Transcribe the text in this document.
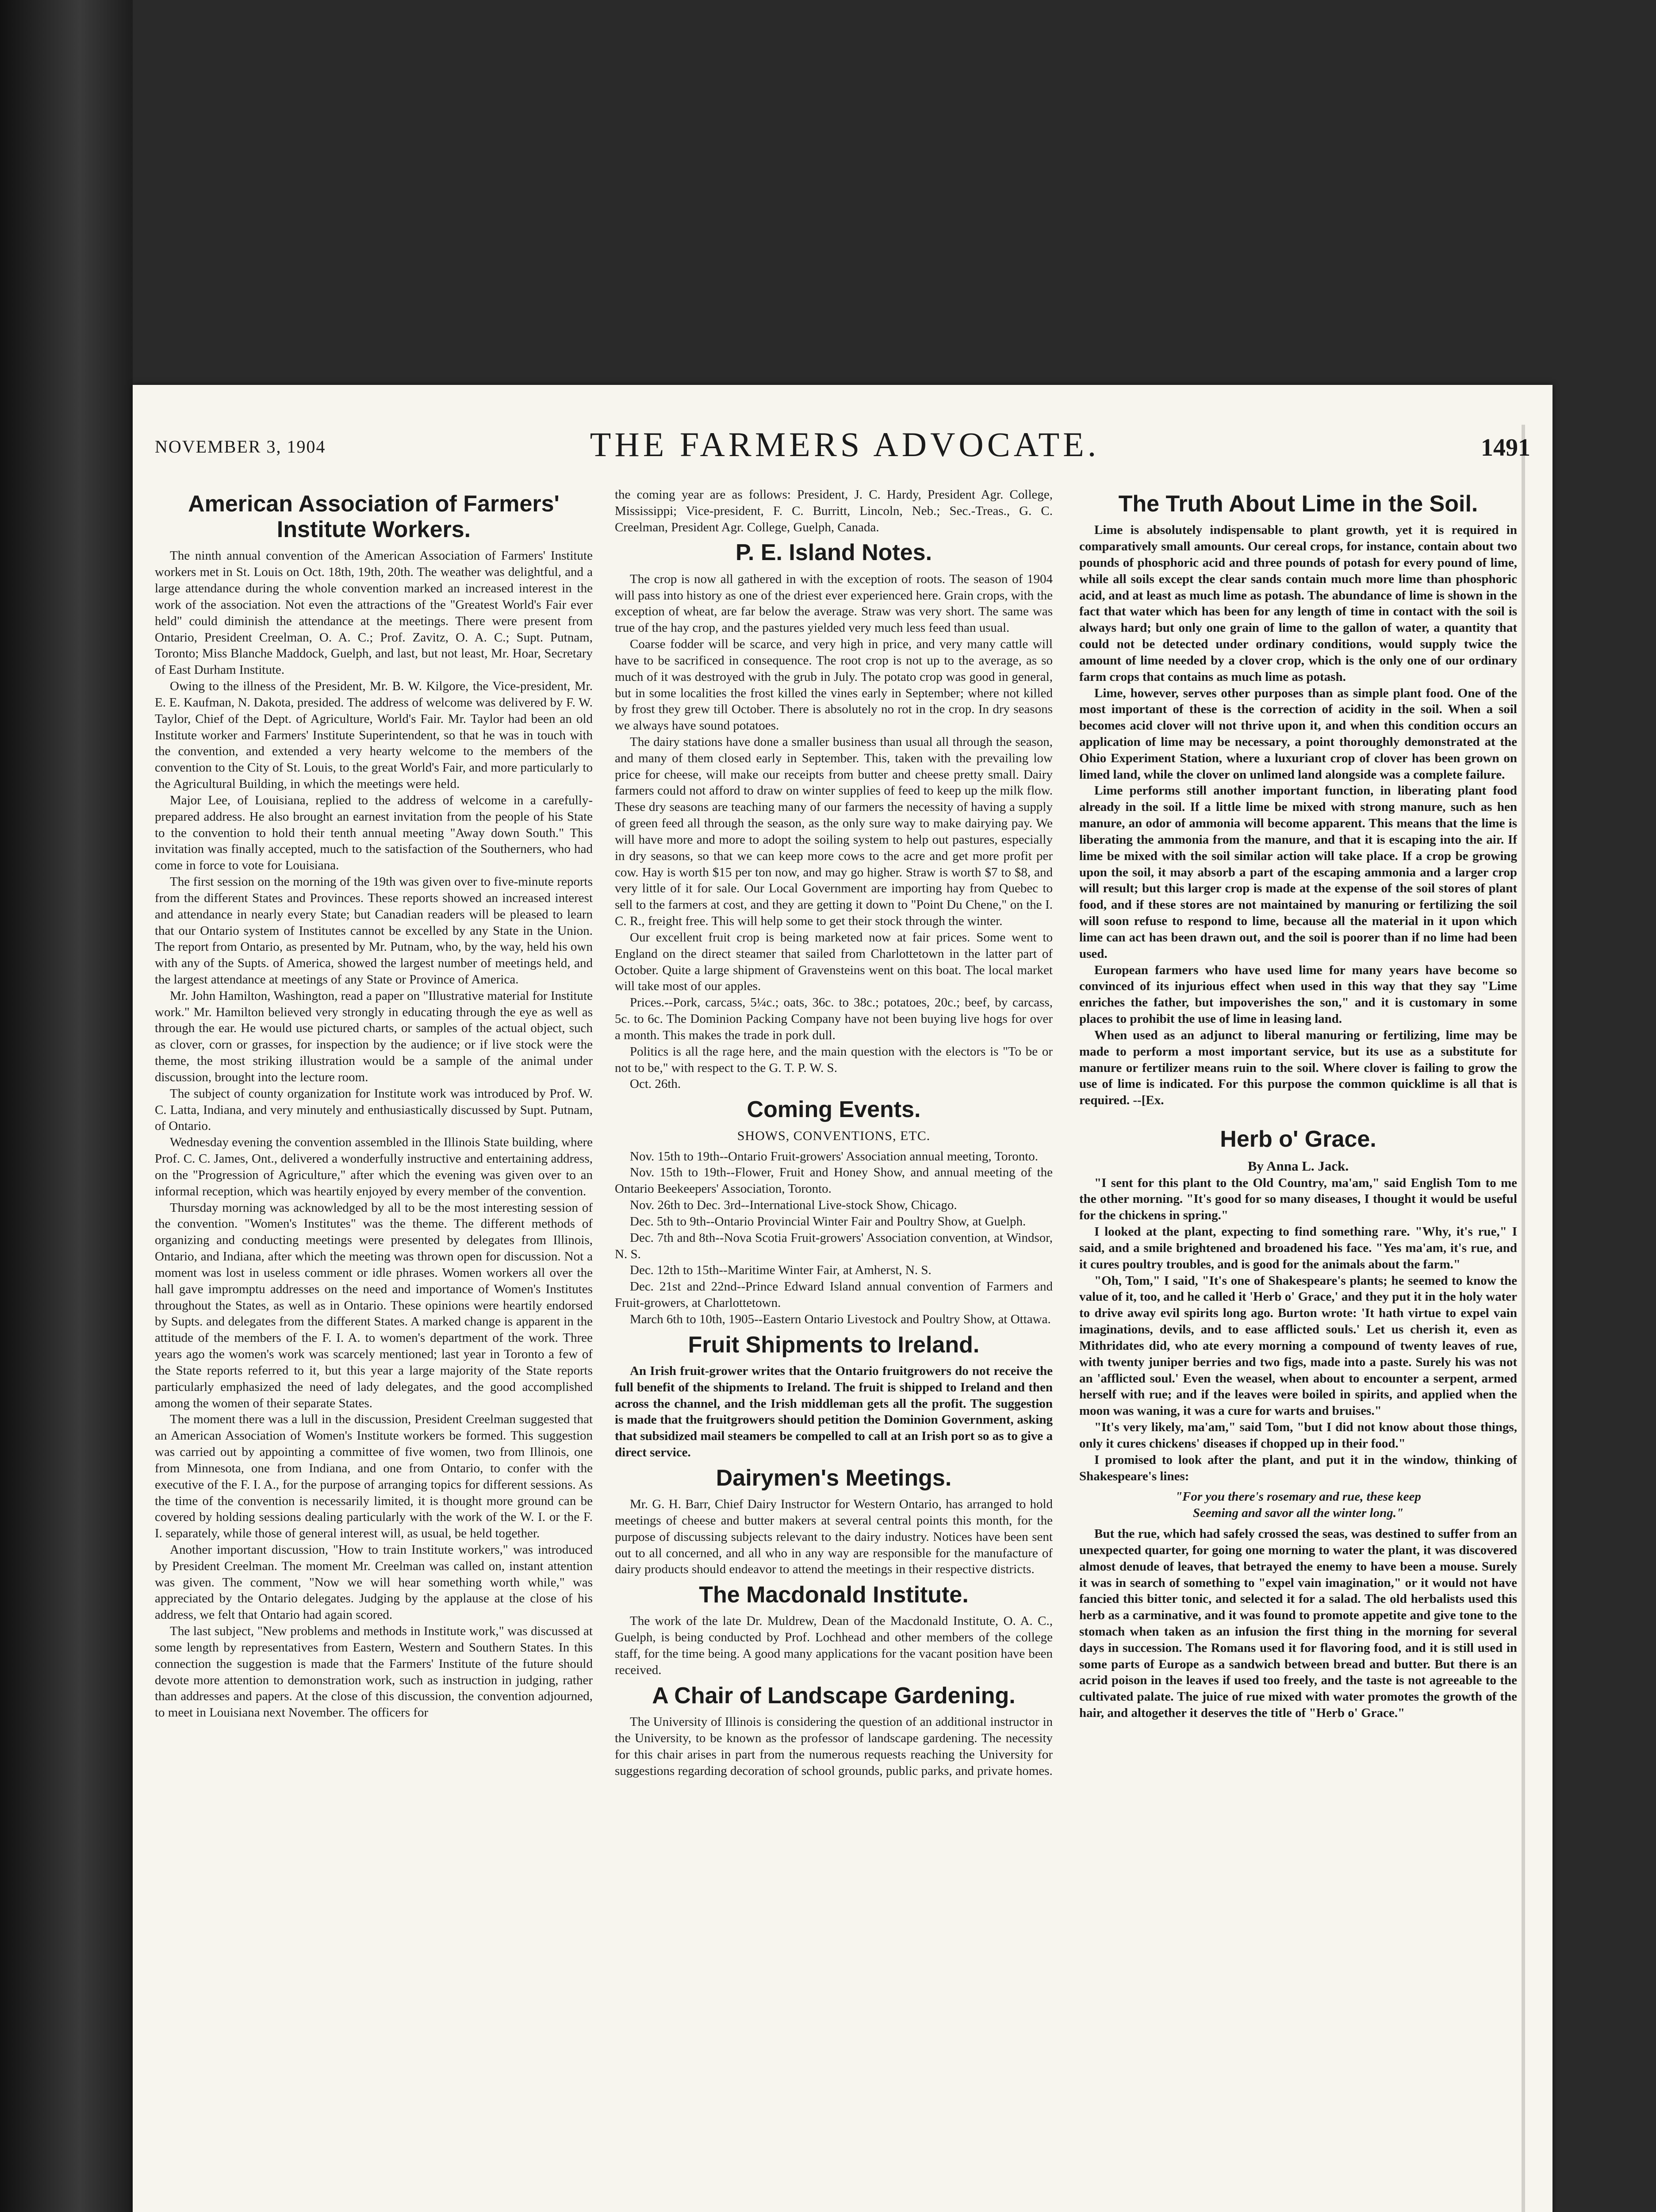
NOVEMBER 3, 1904	THE FARMERS ADVOCATE.	1491
American Association of Farmers' Institute Workers.

The ninth annual convention of the American Association of Farmers' Institute workers met in St. Louis on Oct. 18th, 19th, 20th. The weather was delightful, and a large attendance during the whole convention marked an increased interest in the work of the association. Not even the attractions of the "Greatest World's Fair ever held" could diminish the attendance at the meetings. There were present from Ontario, President Creelman, O. A. C.; Prof. Zavitz, O. A. C.; Supt. Putnam, Toronto; Miss Blanche Maddock, Guelph, and last, but not least, Mr. Hoar, Secretary of East Durham Institute.

Owing to the illness of the President, Mr. B. W. Kilgore, the Vice-president, Mr. E. E. Kaufman, N. Dakota, presided. The address of welcome was delivered by F. W. Taylor, Chief of the Dept. of Agriculture, World's Fair. Mr. Taylor had been an old Institute worker and Farmers' Institute Superintendent, so that he was in touch with the convention, and extended a very hearty welcome to the members of the convention to the City of St. Louis, to the great World's Fair, and more particularly to the Agricultural Building, in which the meetings were held.

Major Lee, of Louisiana, replied to the address of welcome in a carefully-prepared address. He also brought an earnest invitation from the people of his State to the convention to hold their tenth annual meeting "Away down South." This invitation was finally accepted, much to the satisfaction of the Southerners, who had come in force to vote for Louisiana.

The first session on the morning of the 19th was given over to five-minute reports from the different States and Provinces. These reports showed an increased interest and attendance in nearly every State; but Canadian readers will be pleased to learn that our Ontario system of Institutes cannot be excelled by any State in the Union. The report from Ontario, as presented by Mr. Putnam, who, by the way, held his own with any of the Supts. of America, showed the largest number of meetings held, and the largest attendance at meetings of any State or Province of America.

Mr. John Hamilton, Washington, read a paper on "Illustrative material for Institute work." Mr. Hamilton believed very strongly in educating through the eye as well as through the ear. He would use pictured charts, or samples of the actual object, such as clover, corn or grasses, for inspection by the audience; or if live stock were the theme, the most striking illustration would be a sample of the animal under discussion, brought into the lecture room.

The subject of county organization for Institute work was introduced by Prof. W. C. Latta, Indiana, and very minutely and enthusiastically discussed by Supt. Putnam, of Ontario.

Wednesday evening the convention assembled in the Illinois State building, where Prof. C. C. James, Ont., delivered a wonderfully instructive and entertaining address, on the "Progression of Agriculture," after which the evening was given over to an informal reception, which was heartily enjoyed by every member of the convention.

Thursday morning was acknowledged by all to be the most interesting session of the convention. "Women's Institutes" was the theme. The different methods of organizing and conducting meetings were presented by delegates from Illinois, Ontario, and Indiana, after which the meeting was thrown open for discussion. Not a moment was lost in useless comment or idle phrases. Women workers all over the hall gave impromptu addresses on the need and importance of Women's Institutes throughout the States, as well as in Ontario. These opinions were heartily endorsed by Supts. and delegates from the different States. A marked change is apparent in the attitude of the members of the F. I. A. to women's department of the work. Three years ago the women's work was scarcely mentioned; last year in Toronto a few of the State reports referred to it, but this year a large majority of the State reports particularly emphasized the need of lady delegates, and the good accomplished among the women of their separate States.

The moment there was a lull in the discussion, President Creelman suggested that an American Association of Women's Institute workers be formed. This suggestion was carried out by appointing a committee of five women, two from Illinois, one from Minnesota, one from Indiana, and one from Ontario, to confer with the executive of the F. I. A., for the purpose of arranging topics for different sessions. As the time of the convention is necessarily limited, it is thought more ground can be covered by holding sessions dealing particularly with the work of the W. I. or the F. I. separately, while those of general interest will, as usual, be held together.

Another important discussion, "How to train Institute workers," was introduced by President Creelman. The moment Mr. Creelman was called on, instant attention was given. The comment, "Now we will hear something worth while," was appreciated by the Ontario delegates. Judging by the applause at the close of his address, we felt that Ontario had again scored.

The last subject, "New problems and methods in Institute work," was discussed at some length by representatives from Eastern, Western and Southern States. In this connection the suggestion is made that the Farmers' Institute of the future should devote more attention to demonstration work, such as instruction in judging, rather than addresses and papers. At the close of this discussion, the convention adjourned, to meet in Louisiana next November. The officers for

the coming year are as follows: President, J. C. Hardy, President Agr. College, Mississippi; Vice-president, F. C. Burritt, Lincoln, Neb.; Sec.-Treas., G. C. Creelman, President Agr. College, Guelph, Canada.

P. E. Island Notes.

The crop is now all gathered in with the exception of roots. The season of 1904 will pass into history as one of the driest ever experienced here. Grain crops, with the exception of wheat, are far below the average. Straw was very short. The same was true of the hay crop, and the pastures yielded very much less feed than usual.

Coarse fodder will be scarce, and very high in price, and very many cattle will have to be sacrificed in consequence. The root crop is not up to the average, as so much of it was destroyed with the grub in July. The potato crop was good in general, but in some localities the frost killed the vines early in September; where not killed by frost they grew till October. There is absolutely no rot in the crop. In dry seasons we always have sound potatoes.

The dairy stations have done a smaller business than usual all through the season, and many of them closed early in September. This, taken with the prevailing low price for cheese, will make our receipts from butter and cheese pretty small. Dairy farmers could not afford to draw on winter supplies of feed to keep up the milk flow. These dry seasons are teaching many of our farmers the necessity of having a supply of green feed all through the season, as the only sure way to make dairying pay. We will have more and more to adopt the soiling system to help out pastures, especially in dry seasons, so that we can keep more cows to the acre and get more profit per cow. Hay is worth $15 per ton now, and may go higher. Straw is worth $7 to $8, and very little of it for sale. Our Local Government are importing hay from Quebec to sell to the farmers at cost, and they are getting it down to "Point Du Chene," on the I. C. R., freight free. This will help some to get their stock through the winter.

Our excellent fruit crop is being marketed now at fair prices. Some went to England on the direct steamer that sailed from Charlottetown in the latter part of October. Quite a large shipment of Gravensteins went on this boat. The local market will take most of our apples.

Prices.--Pork, carcass, 5¼c.; oats, 36c. to 38c.; potatoes, 20c.; beef, by carcass, 5c. to 6c. The Dominion Packing Company have not been buying live hogs for over a month. This makes the trade in pork dull.

Politics is all the rage here, and the main question with the electors is "To be or not to be," with respect to the G. T. P. W. S.

Oct. 26th.

Coming Events.
SHOWS, CONVENTIONS, ETC.

Nov. 15th to 19th--Ontario Fruit-growers' Association annual meeting, Toronto.

Nov. 15th to 19th--Flower, Fruit and Honey Show, and annual meeting of the Ontario Beekeepers' Association, Toronto.

Nov. 26th to Dec. 3rd--International Live-stock Show, Chicago.

Dec. 5th to 9th--Ontario Provincial Winter Fair and Poultry Show, at Guelph.

Dec. 7th and 8th--Nova Scotia Fruit-growers' Association convention, at Windsor, N. S.

Dec. 12th to 15th--Maritime Winter Fair, at Amherst, N. S.

Dec. 21st and 22nd--Prince Edward Island annual convention of Farmers and Fruit-growers, at Charlottetown.

March 6th to 10th, 1905--Eastern Ontario Livestock and Poultry Show, at Ottawa.

Fruit Shipments to Ireland.

An Irish fruit-grower writes that the Ontario fruitgrowers do not receive the full benefit of the shipments to Ireland. The fruit is shipped to Ireland and then across the channel, and the Irish middleman gets all the profit. The suggestion is made that the fruitgrowers should petition the Dominion Government, asking that subsidized mail steamers be compelled to call at an Irish port so as to give a direct service.

Dairymen's Meetings.

Mr. G. H. Barr, Chief Dairy Instructor for Western Ontario, has arranged to hold meetings of cheese and butter makers at several central points this month, for the purpose of discussing subjects relevant to the dairy industry. Notices have been sent out to all concerned, and all who in any way are responsible for the manufacture of dairy products should endeavor to attend the meetings in their respective districts.

The Macdonald Institute.

The work of the late Dr. Muldrew, Dean of the Macdonald Institute, O. A. C., Guelph, is being conducted by Prof. Lochhead and other members of the college staff, for the time being. A good many applications for the vacant position have been received.

A Chair of Landscape Gardening.

The University of Illinois is considering the question of an additional instructor in the University, to be known as the professor of landscape gardening. The necessity for this chair arises in part from the numerous requests reaching the University for suggestions regarding decoration of school grounds, public parks, and private homes.

The Truth About Lime in the Soil.

Lime is absolutely indispensable to plant growth, yet it is required in comparatively small amounts. Our cereal crops, for instance, contain about two pounds of phosphoric acid and three pounds of potash for every pound of lime, while all soils except the clear sands contain much more lime than phosphoric acid, and at least as much lime as potash. The abundance of lime is shown in the fact that water which has been for any length of time in contact with the soil is always hard; but only one grain of lime to the gallon of water, a quantity that could not be detected under ordinary conditions, would supply twice the amount of lime needed by a clover crop, which is the only one of our ordinary farm crops that contains as much lime as potash.

Lime, however, serves other purposes than as simple plant food. One of the most important of these is the correction of acidity in the soil. When a soil becomes acid clover will not thrive upon it, and when this condition occurs an application of lime may be necessary, a point thoroughly demonstrated at the Ohio Experiment Station, where a luxuriant crop of clover has been grown on limed land, while the clover on unlimed land alongside was a complete failure.

Lime performs still another important function, in liberating plant food already in the soil. If a little lime be mixed with strong manure, such as hen manure, an odor of ammonia will become apparent. This means that the lime is liberating the ammonia from the manure, and that it is escaping into the air. If lime be mixed with the soil similar action will take place. If a crop be growing upon the soil, it may absorb a part of the escaping ammonia and a larger crop will result; but this larger crop is made at the expense of the soil stores of plant food, and if these stores are not maintained by manuring or fertilizing the soil will soon refuse to respond to lime, because all the material in it upon which lime can act has been drawn out, and the soil is poorer than if no lime had been used.

European farmers who have used lime for many years have become so convinced of its injurious effect when used in this way that they say "Lime enriches the father, but impoverishes the son," and it is customary in some places to prohibit the use of lime in leasing land.

When used as an adjunct to liberal manuring or fertilizing, lime may be made to perform a most important service, but its use as a substitute for manure or fertilizer means ruin to the soil. Where clover is failing to grow the use of lime is indicated. For this purpose the common quicklime is all that is required. --[Ex.

Herb o' Grace.

By Anna L. Jack.

"I sent for this plant to the Old Country, ma'am," said English Tom to me the other morning. "It's good for so many diseases, I thought it would be useful for the chickens in spring."

I looked at the plant, expecting to find something rare. "Why, it's rue," I said, and a smile brightened and broadened his face. "Yes ma'am, it's rue, and it cures poultry troubles, and is good for the animals about the farm."

"Oh, Tom," I said, "It's one of Shakespeare's plants; he seemed to know the value of it, too, and he called it 'Herb o' Grace,' and they put it in the holy water to drive away evil spirits long ago. Burton wrote: 'It hath virtue to expel vain imaginations, devils, and to ease afflicted souls.' Let us cherish it, even as Mithridates did, who ate every morning a compound of twenty leaves of rue, with twenty juniper berries and two figs, made into a paste. Surely his was not an 'afflicted soul.' Even the weasel, when about to encounter a serpent, armed herself with rue; and if the leaves were boiled in spirits, and applied when the moon was waning, it was a cure for warts and bruises."

"It's very likely, ma'am," said Tom, "but I did not know about those things, only it cures chickens' diseases if chopped up in their food."

I promised to look after the plant, and put it in the window, thinking of Shakespeare's lines:

"For you there's rosemary and rue, these keep
Seeming and savor all the winter long."

But the rue, which had safely crossed the seas, was destined to suffer from an unexpected quarter, for going one morning to water the plant, it was discovered almost denude of leaves, that betrayed the enemy to have been a mouse. Surely it was in search of something to "expel vain imagination," or it would not have fancied this bitter tonic, and selected it for a salad. The old herbalists used this herb as a carminative, and it was found to promote appetite and give tone to the stomach when taken as an infusion the first thing in the morning for several days in succession. The Romans used it for flavoring food, and it is still used in some parts of Europe as a sandwich between bread and butter. But there is an acrid poison in the leaves if used too freely, and the taste is not agreeable to the cultivated palate. The juice of rue mixed with water promotes the growth of the hair, and altogether it deserves the title of "Herb o' Grace."
